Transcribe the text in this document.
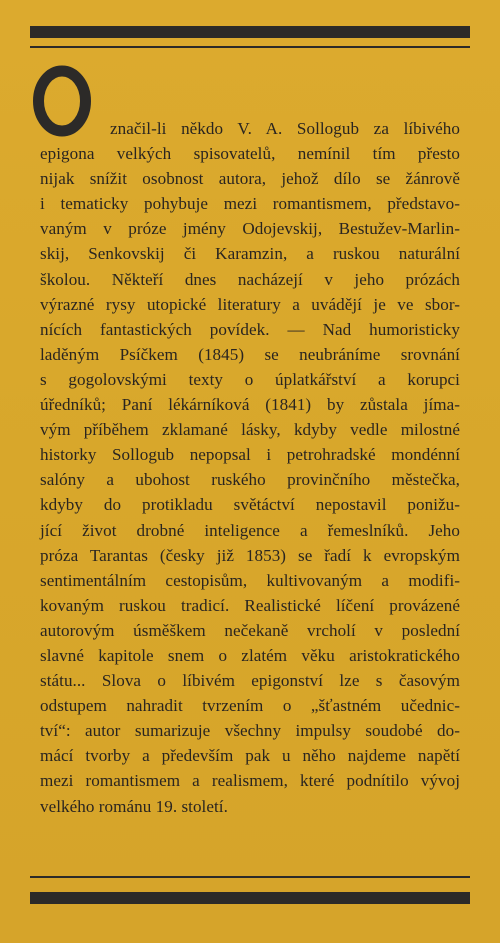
O
značil-li někdo V. A. Sollogub za líbivého
epigona velkých spisovatelů, nemínil tím přesto
nijak snížit osobnost autora, jehož dílo se žánrově
i tematicky pohybuje mezi romantismem, představo-
vaným v próze jmény Odojevskij, Bestužev-Marlin-
skij, Senkovskij či Karamzin, a ruskou naturální
školou. Někteří dnes nacházejí v jeho prózách
výrazné rysy utopické literatury a uvádějí je ve sbor-
nících fantastických povídek. — Nad humoristicky
laděným Psíčkem (1845) se neubráníme srovnání
s gogolovskými texty o úplatkářství a korupci
úředníků; Paní lékárníková (1841) by zůstala jíma-
vým příběhem zklamané lásky, kdyby vedle milostné
historky Sollogub nepopsal i petrohradské mondénní
salóny a ubohost ruského provinčního městečka,
kdyby do protikladu světáctví nepostavil ponižu-
jící život drobné inteligence a řemeslníků. Jeho
próza Tarantas (česky již 1853) se řadí k evropským
sentimentálním cestopisům, kultivovaným a modifi-
kovaným ruskou tradicí. Realistické líčení provázené
autorovým úsměškem nečekaně vrcholí v poslední
slavné kapitole snem o zlatém věku aristokratického
státu... Slova o líbivém epigonství lze s časovým
odstupem nahradit tvrzením o „šťastném učednic-
tví“: autor sumarizuje všechny impulsy soudobé do-
mácí tvorby a především pak u něho najdeme napětí
mezi romantismem a realismem, které podnítilo vývoj
velkého románu 19. století.
